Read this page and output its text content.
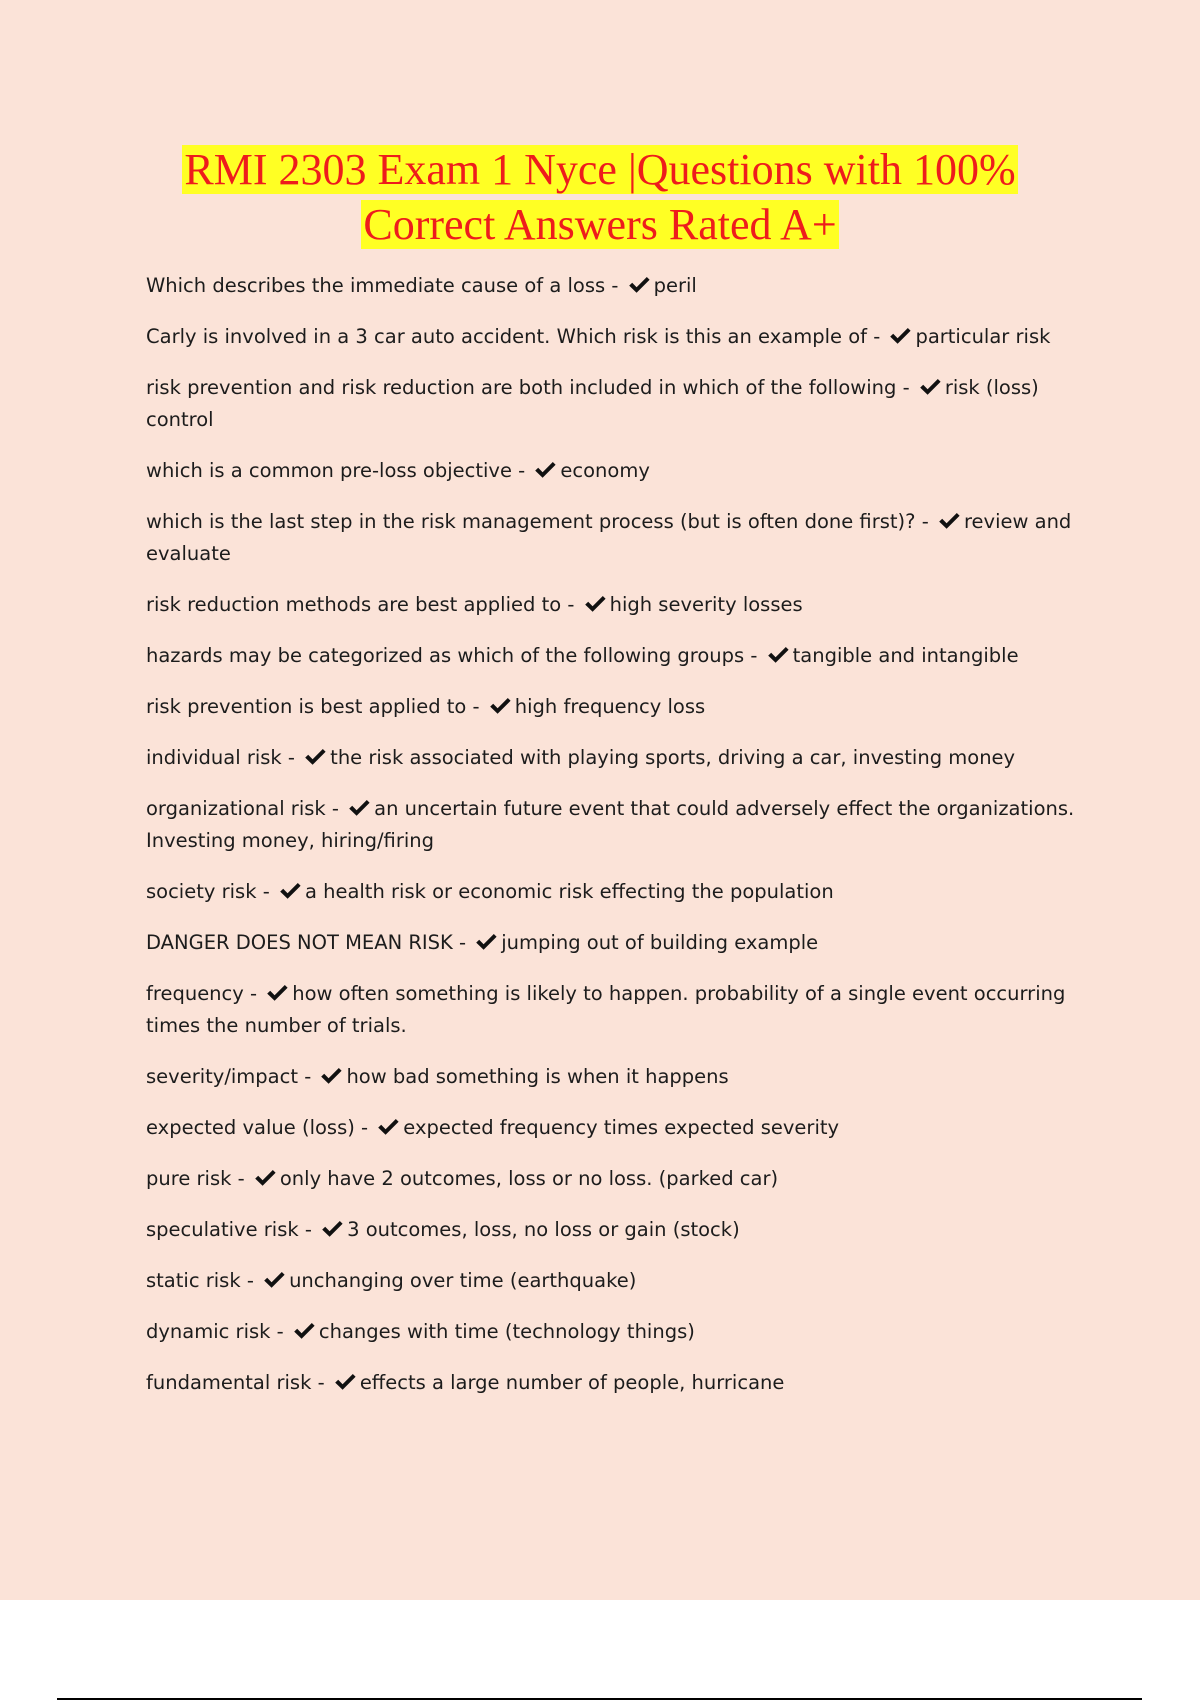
RMI 2303 Exam 1 Nyce |Questions with 100%
Correct Answers Rated A+
Which describes the immediate cause of a loss -
peril
Carly is involved in a 3 car auto accident. Which risk is this an example of -
particular risk
risk prevention and risk reduction are both included in which of the following -
risk (loss) control
which is a common pre-loss objective -
economy
which is the last step in the risk management process (but is often done first)? -
review and evaluate
risk reduction methods are best applied to -
high severity losses
hazards may be categorized as which of the following groups -
tangible and intangible
risk prevention is best applied to -
high frequency loss
individual risk -
the risk associated with playing sports, driving a car, investing money
organizational risk -
an uncertain future event that could adversely effect the organizations. Investing money, hiring/firing
society risk -
a health risk or economic risk effecting the population
DANGER DOES NOT MEAN RISK -
jumping out of building example
frequency -
how often something is likely to happen. probability of a single event occurring times the number of trials.
severity/impact -
how bad something is when it happens
expected value (loss) -
expected frequency times expected severity
pure risk -
only have 2 outcomes, loss or no loss. (parked car)
speculative risk -
3 outcomes, loss, no loss or gain (stock)
static risk -
unchanging over time (earthquake)
dynamic risk -
changes with time (technology things)
fundamental risk -
effects a large number of people, hurricane
